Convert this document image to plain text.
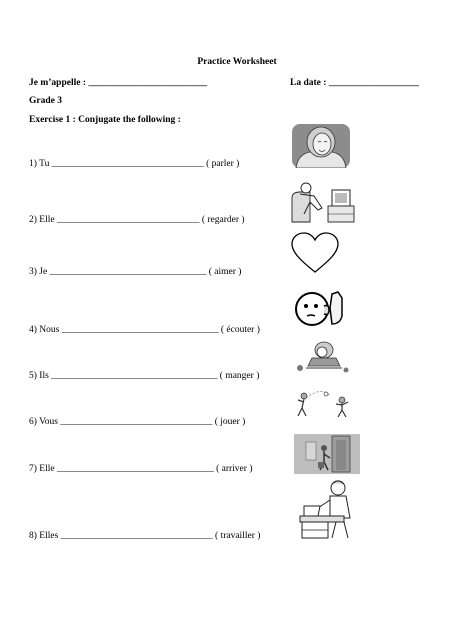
Practice Worksheet
Je m’appelle : _________________________	La date : ___________________
Grade 3
Exercise 1 : Conjugate the following :
1) Tu ________________________________ ( parler )
2) Elle ______________________________ ( regarder )
3) Je _________________________________ ( aimer )
4) Nous _________________________________ ( écouter )
5) Ils ___________________________________ ( manger )
6) Vous ________________________________ ( jouer )
7) Elle _________________________________ ( arriver )
8) Elles ________________________________ ( travailler )
